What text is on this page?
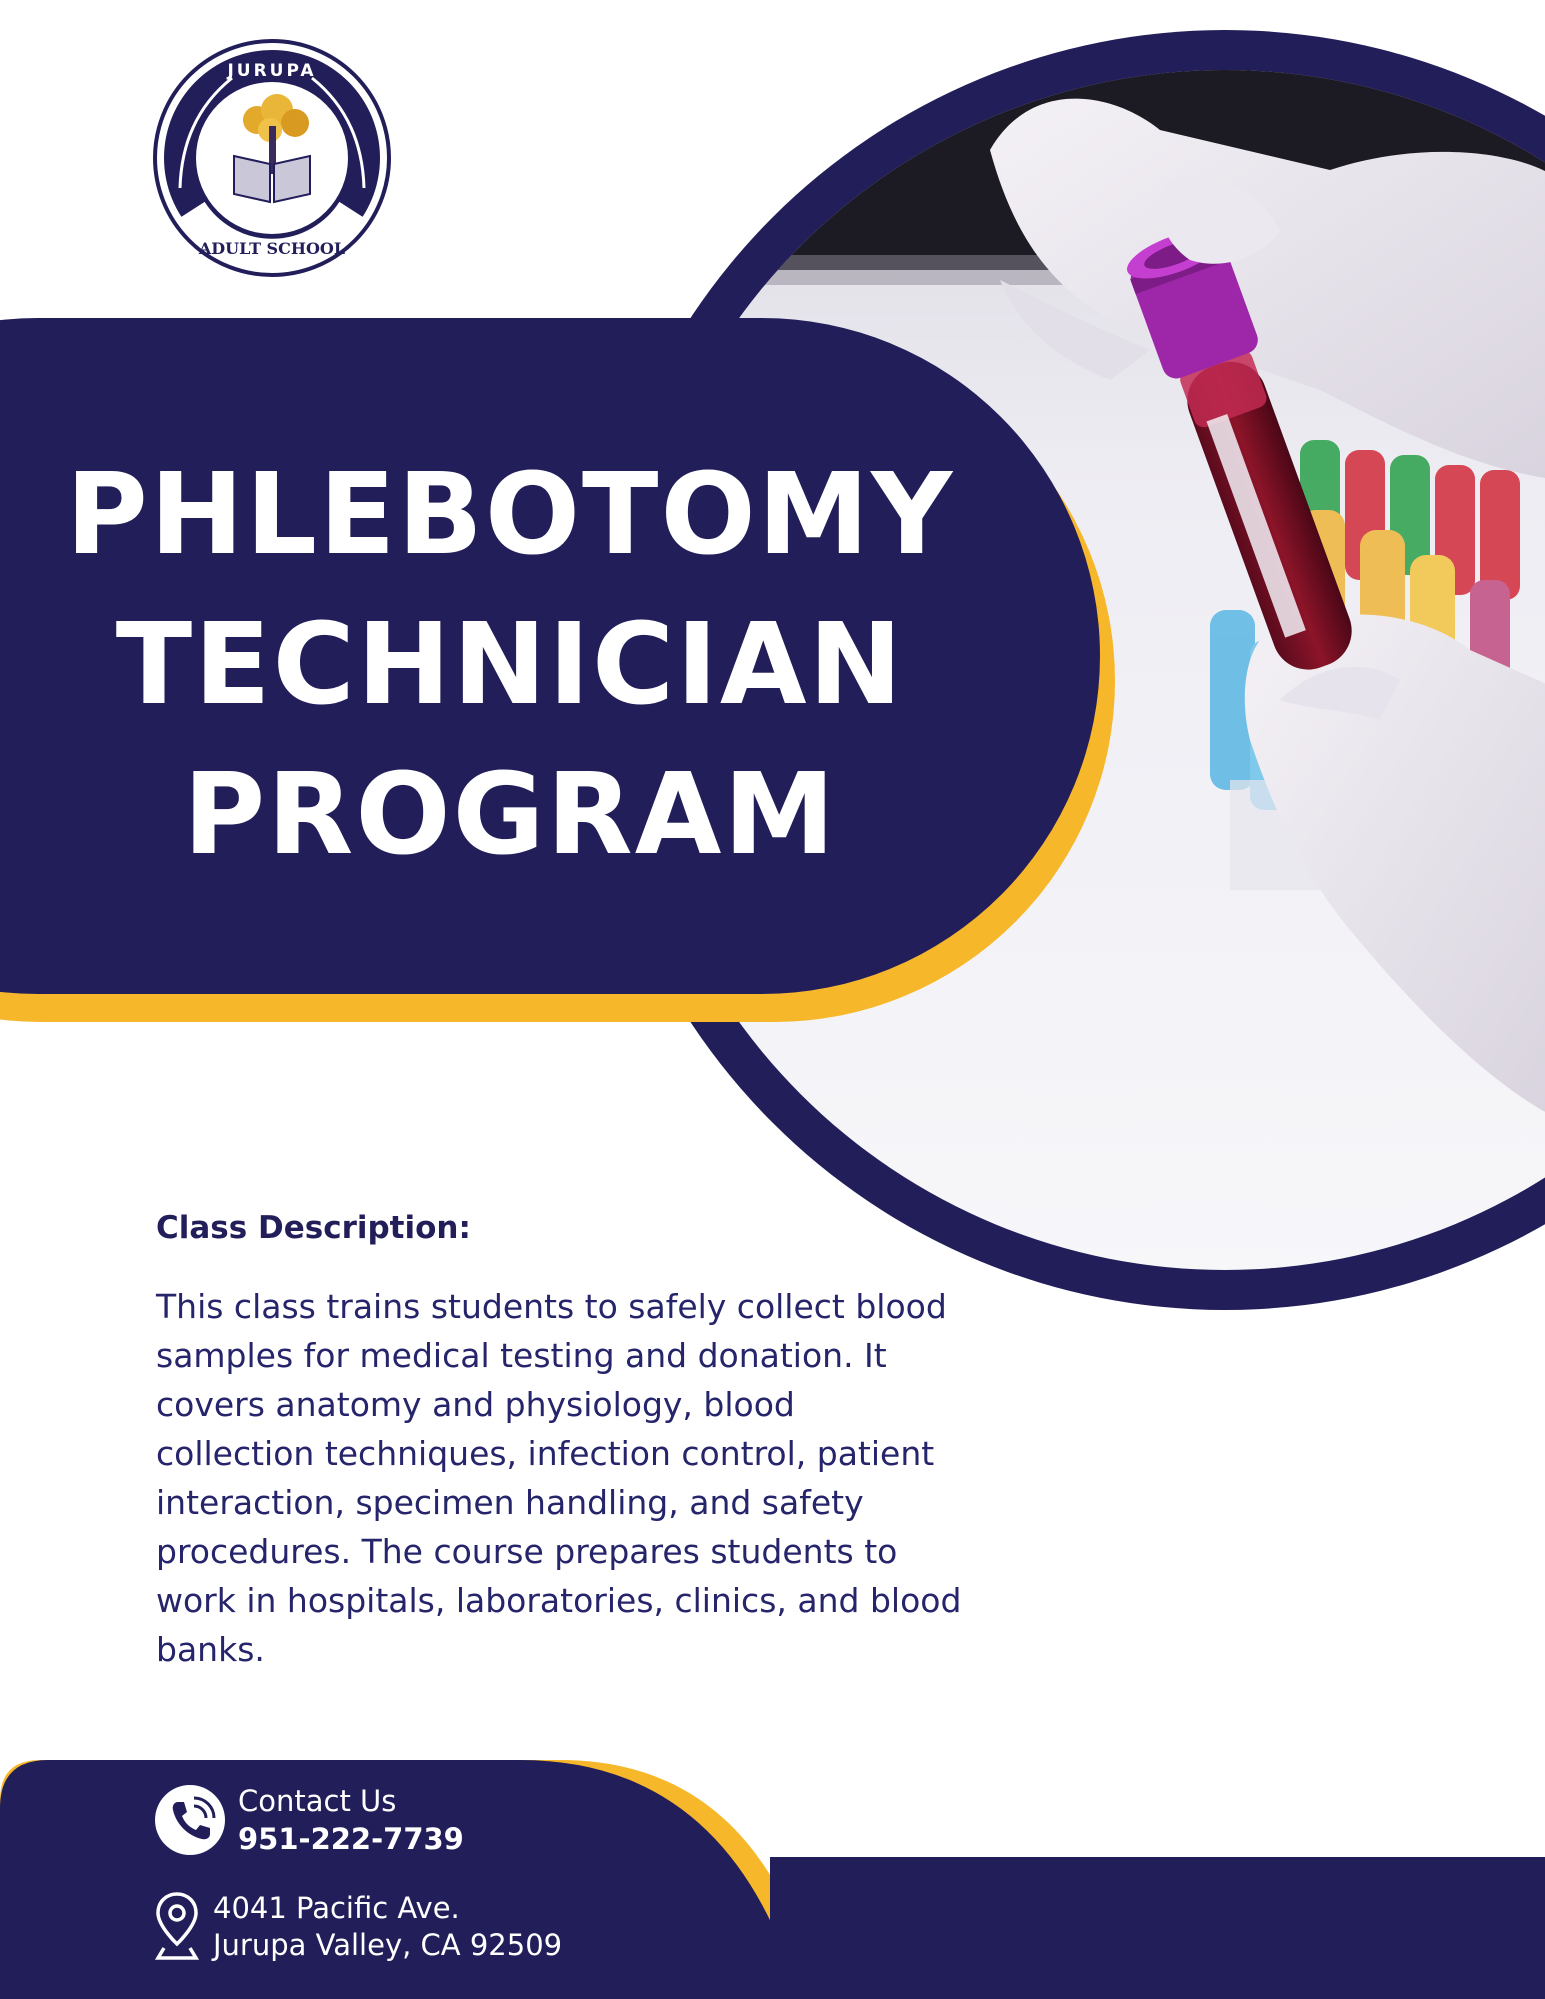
JURUPA
ADULT SCHOOL
PHLEBOTOMY
TECHNICIAN
PROGRAM
Class Description:
This class trains students to safely collect blood
samples for medical testing and donation. It
covers anatomy and physiology, blood
collection techniques, infection control, patient
interaction, specimen handling, and safety
procedures. The course prepares students to
work in hospitals, laboratories, clinics, and blood
banks.
Contact Us
951-222-7739
4041 Pacific Ave.
Jurupa Valley, CA 92509
